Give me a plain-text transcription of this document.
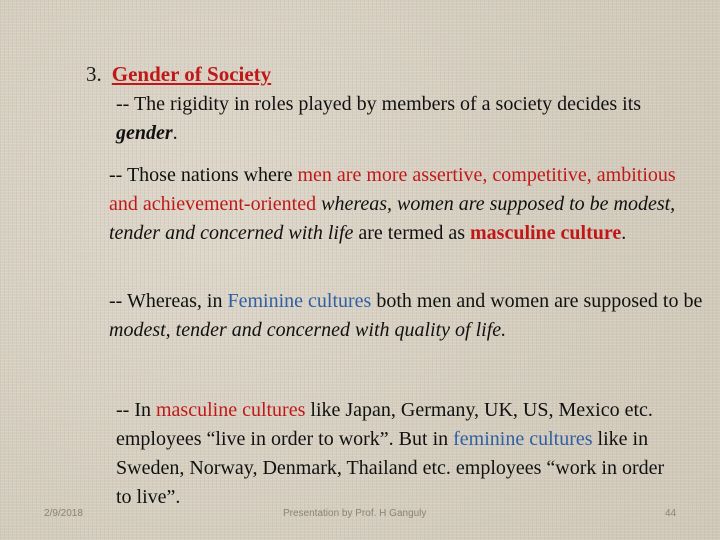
3. Gender of Society
-- The rigidity in roles played by members of a society decides its gender.
-- Those nations where men are more assertive, competitive, ambitious and achievement-oriented whereas, women are supposed to be modest, tender and concerned with life are termed as masculine culture.
-- Whereas, in Feminine cultures both men and women are supposed to be modest, tender and concerned with quality of life.
-- In masculine cultures like Japan, Germany, UK, US, Mexico etc. employees “live in order to work”. But in feminine cultures like in Sweden, Norway, Denmark, Thailand etc. employees “work in order to live”.
2/9/2018	Presentation by Prof. H Ganguly	44
